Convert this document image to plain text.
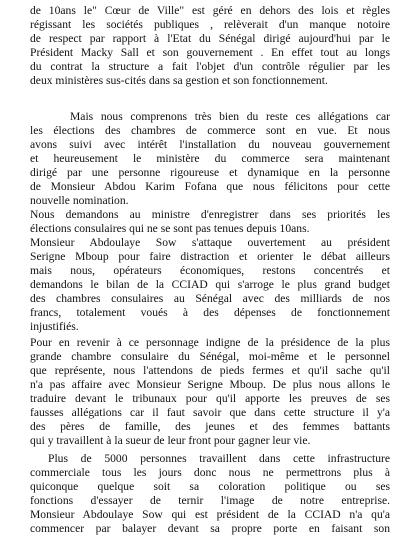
de 10ans le" Cœur de Ville" est géré en dehors des lois et règles
régissant les sociétés publiques , relèverait d'un manque notoire
de respect par rapport à l'Etat du Sénégal dirigé aujourd'hui par le
Président Macky Sall et son gouvernement . En effet tout au longs
du contrat la structure a fait l'objet d'un contrôle régulier par les
deux ministères sus-cités dans sa gestion et son fonctionnement.
Mais nous comprenons très bien du reste ces allégations car
les élections des chambres de commerce sont en vue. Et nous
avons suivi avec intérêt l'installation du nouveau gouvernement
et heureusement le ministère du commerce sera maintenant
dirigé par une personne rigoureuse et dynamique en la personne
de Monsieur Abdou Karim Fofana que nous félicitons pour cette
nouvelle nomination.
Nous demandons au ministre d'enregistrer dans ses priorités les
élections consulaires qui ne se sont pas tenues depuis 10ans.
Monsieur Abdoulaye Sow s'attaque ouvertement au président
Serigne Mboup pour faire distraction et orienter le débat ailleurs
mais nous, opérateurs économiques, restons concentrés et
demandons le bilan de la CCIAD qui s'arroge le plus grand budget
des chambres consulaires au Sénégal avec des milliards de nos
francs, totalement voués à des dépenses de fonctionnement
injustifiés.
Pour en revenir à ce personnage indigne de la présidence de la plus
grande chambre consulaire du Sénégal, moi-même et le personnel
que représente, nous l'attendons de pieds fermes et qu'il sache qu'il
n'a pas affaire avec Monsieur Serigne Mboup. De plus nous allons le
traduire devant le tribunaux pour qu'il apporte les preuves de ses
fausses allégations car il faut savoir que dans cette structure il y'a
des pères de famille, des jeunes et des femmes battants
qui y travaillent à la sueur de leur front pour gagner leur vie.
Plus de 5000 personnes travaillent dans cette infrastructure
commerciale tous les jours donc nous ne permettrons plus à
quiconque quelque soit sa coloration politique ou ses
fonctions d'essayer de ternir l'image de notre entreprise.
Monsieur Abdoulaye Sow qui est président de la CCIAD n'a qu'a
commencer par balayer devant sa propre porte en faisant son
